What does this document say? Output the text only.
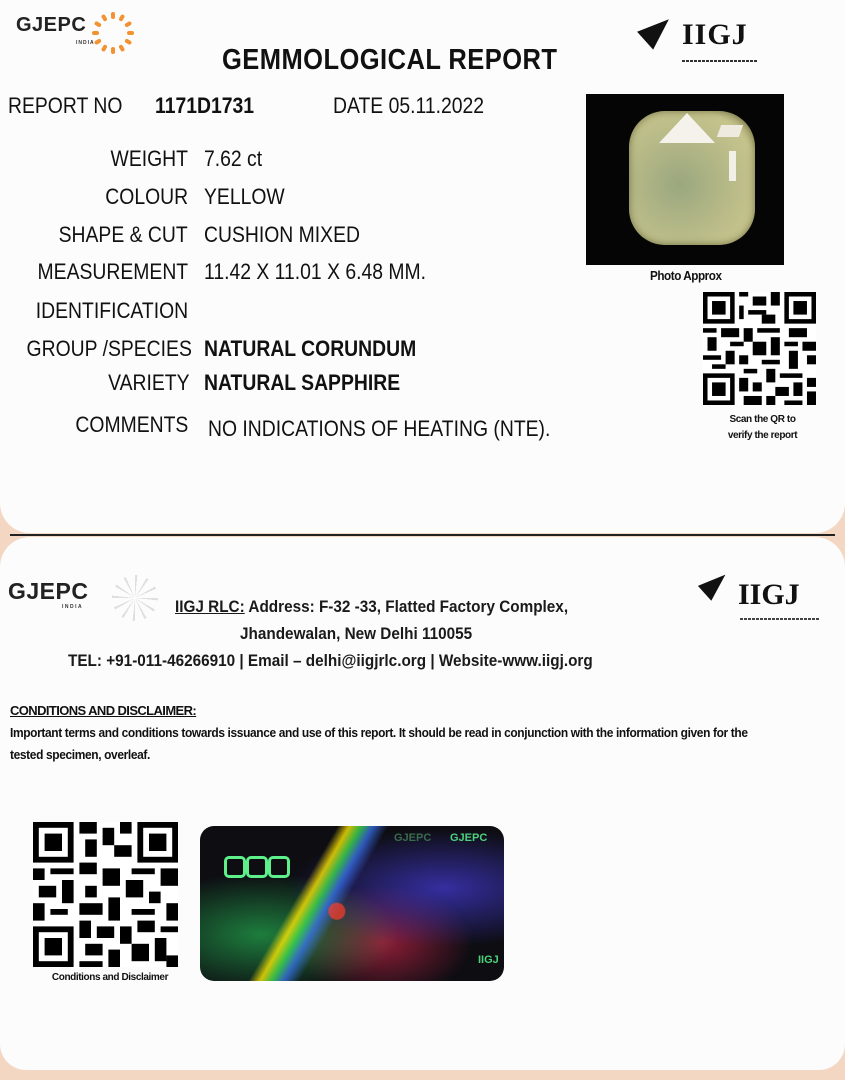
GJEPC
INDIA
GEMMOLOGICAL REPORT
IIGJ
REPORT NO 1171D1731	DATE 05.11.2022
WEIGHT 7.62 ct
COLOUR YELLOW
SHAPE & CUT CUSHION MIXED
MEASUREMENT 11.42 X 11.01 X 6.48 MM.
IDENTIFICATION
GROUP /SPECIES NATURAL CORUNDUM
VARIETY NATURAL SAPPHIRE
COMMENTS NO INDICATIONS OF HEATING (NTE).
Photo Approx
Scan the QR to
verify the report
GJEPC
INDIA	IIGJ RLC: Address: F-32 -33, Flatted Factory Complex,
Jhandewalan, New Delhi 110055
TEL: +91-011-46266910 | Email – delhi@iigjrlc.org | Website-www.iigj.org
IIGJ
CONDITIONS AND DISCLAIMER:
Important terms and conditions towards issuance and use of this report. It should be read in conjunction with the information given for the tested specimen, overleaf.
Conditions and Disclaimer
GJEPC GJEPC
IIGJ
